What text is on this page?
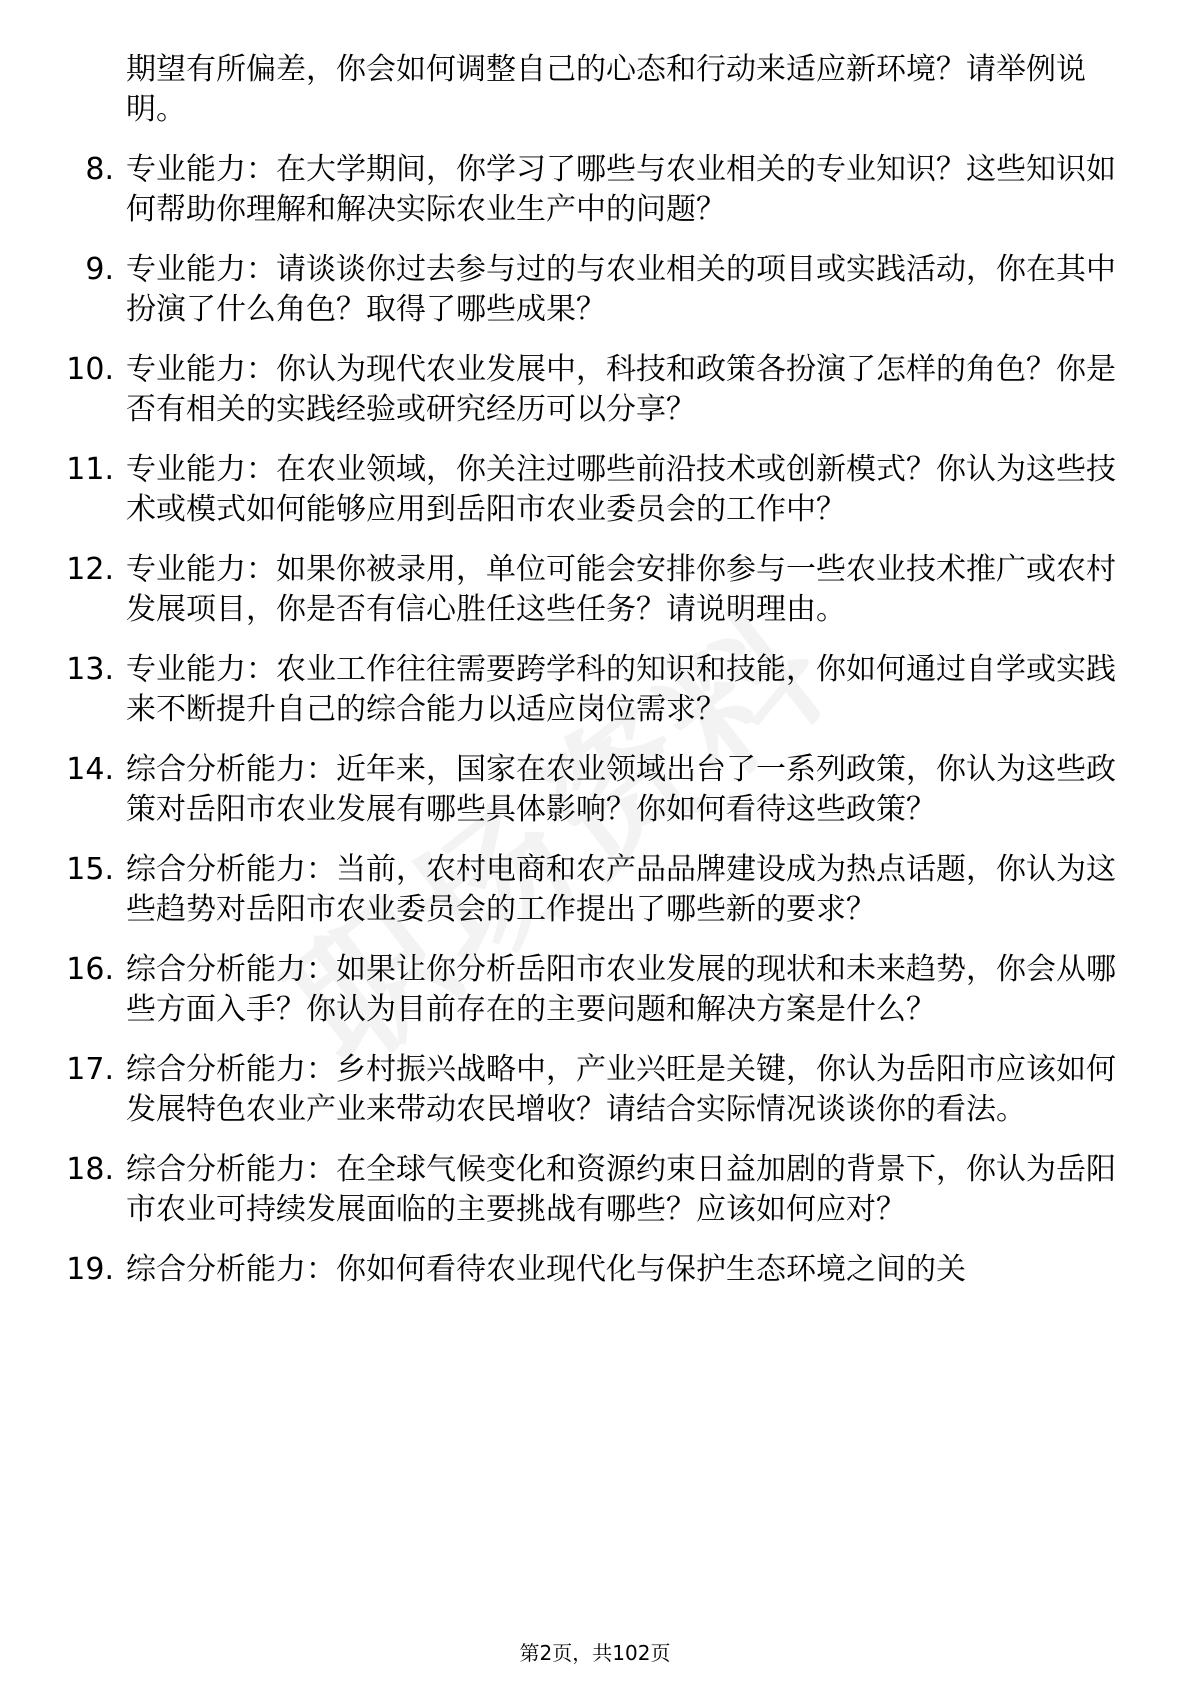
期望有所偏差，你会如何调整自己的心态和行动来适应新环境？请举例说明。
8. 专业能力：在大学期间，你学习了哪些与农业相关的专业知识？这些知识如何帮助你理解和解决实际农业生产中的问题？
9. 专业能力：请谈谈你过去参与过的与农业相关的项目或实践活动，你在其中扮演了什么角色？取得了哪些成果？
10. 专业能力：你认为现代农业发展中，科技和政策各扮演了怎样的角色？你是否有相关的实践经验或研究经历可以分享？
11. 专业能力：在农业领域，你关注过哪些前沿技术或创新模式？你认为这些技术或模式如何能够应用到岳阳市农业委员会的工作中？
12. 专业能力：如果你被录用，单位可能会安排你参与一些农业技术推广或农村发展项目，你是否有信心胜任这些任务？请说明理由。
13. 专业能力：农业工作往往需要跨学科的知识和技能，你如何通过自学或实践来不断提升自己的综合能力以适应岗位需求？
14. 综合分析能力：近年来，国家在农业领域出台了一系列政策，你认为这些政策对岳阳市农业发展有哪些具体影响？你如何看待这些政策？
15. 综合分析能力：当前，农村电商和农产品品牌建设成为热点话题，你认为这些趋势对岳阳市农业委员会的工作提出了哪些新的要求？
16. 综合分析能力：如果让你分析岳阳市农业发展的现状和未来趋势，你会从哪些方面入手？你认为目前存在的主要问题和解决方案是什么？
17. 综合分析能力：乡村振兴战略中，产业兴旺是关键，你认为岳阳市应该如何发展特色农业产业来带动农民增收？请结合实际情况谈谈你的看法。
18. 综合分析能力：在全球气候变化和资源约束日益加剧的背景下，你认为岳阳市农业可持续发展面临的主要挑战有哪些？应该如何应对？
19. 综合分析能力：你如何看待农业现代化与保护生态环境之间的关
第2页，共102页
